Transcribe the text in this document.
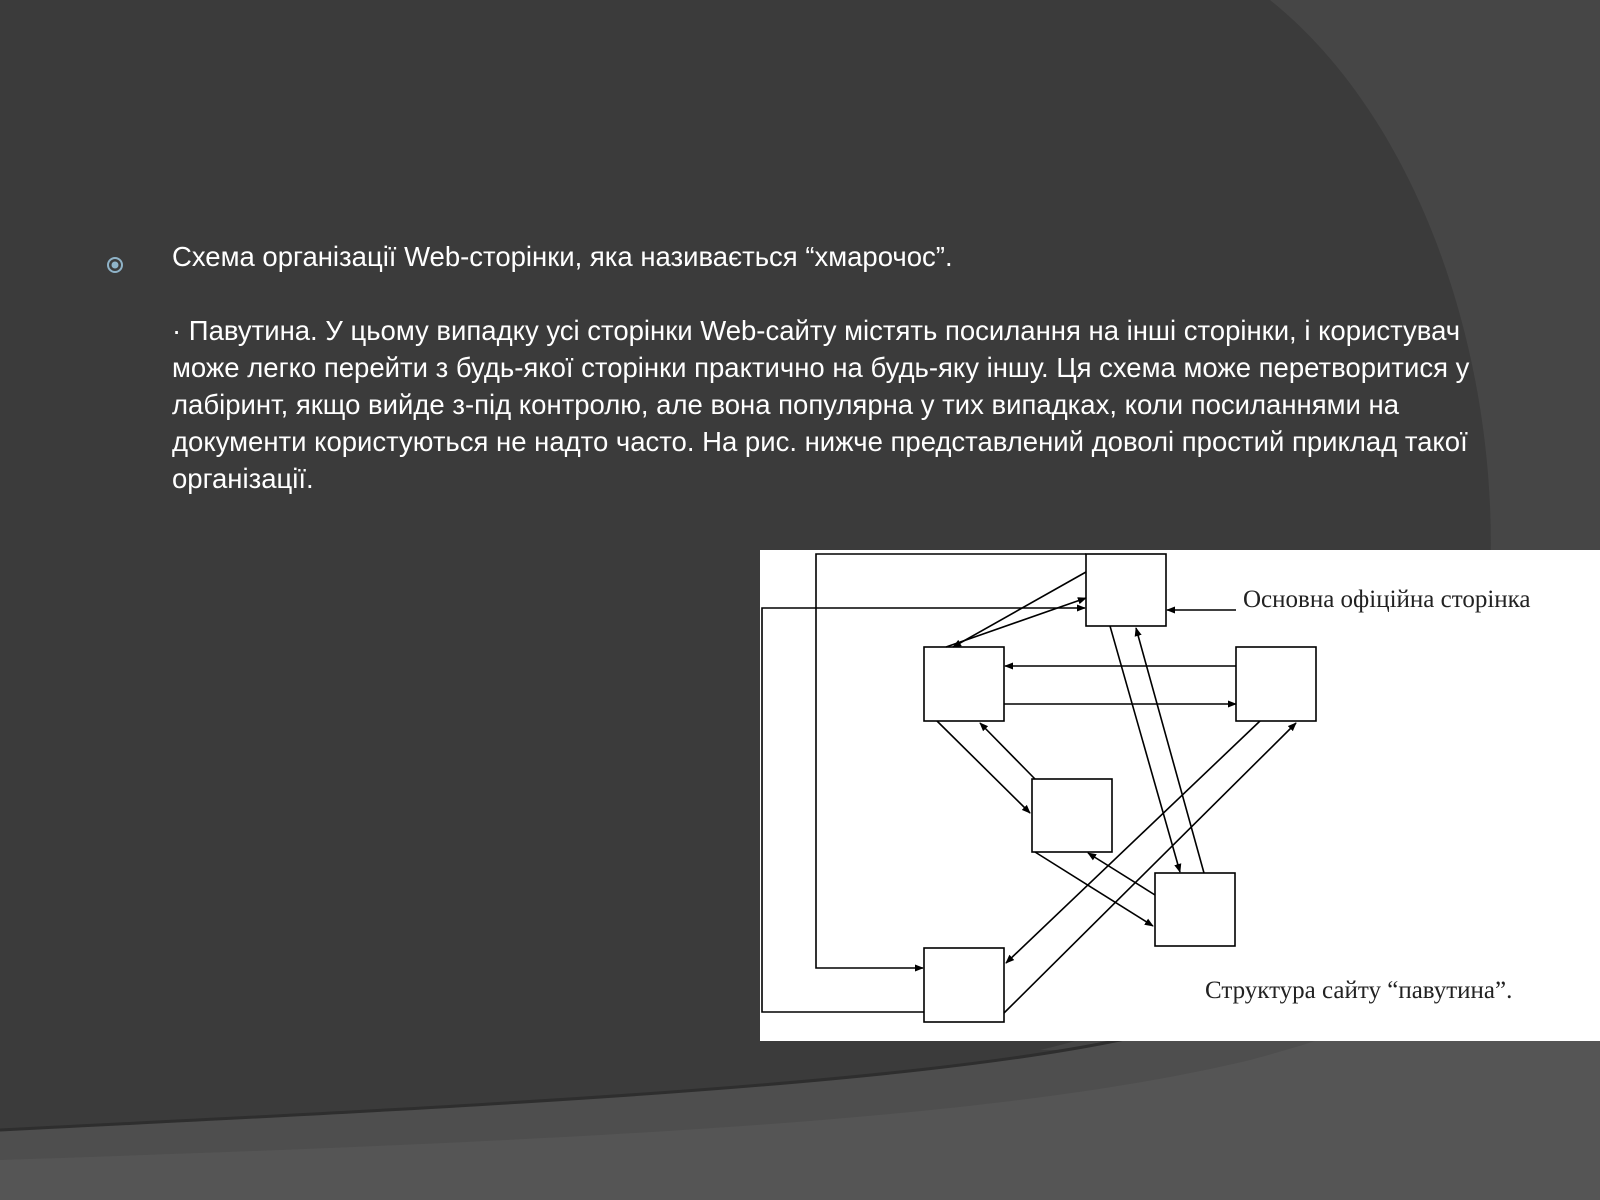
Схема організації Web-сторінки, яка називається “хмарочос”.
· Павутина. У цьому випадку усі сторінки Web-сайту містять посилання на інші сторінки, і користувач може легко перейти з будь-якої сторінки практично на будь-яку іншу. Ця схема може перетворитися у лабіринт, якщо вийде з-під контролю, але вона популярна у тих випадках, коли посиланнями на документи користуються не надто часто. На рис. нижче представлений доволі простий приклад такої організації.
Основна офіційна сторінка
Структура сайту “павутина”.
